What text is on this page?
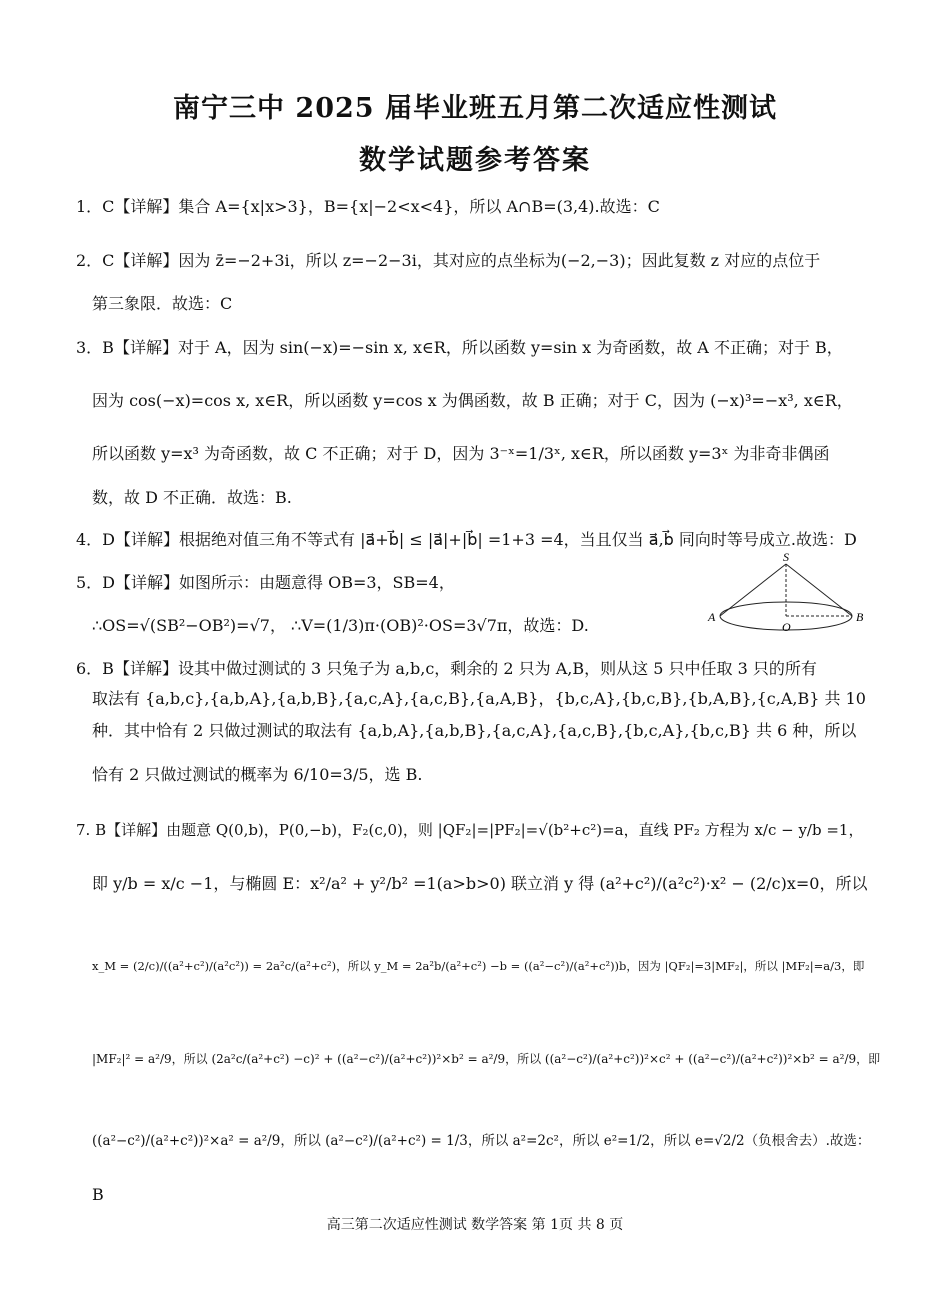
南宁三中 2025 届毕业班五月第二次适应性测试
数学试题参考答案
1．C【详解】集合 A={x|x>3}，B={x|−2<x<4}，所以 A∩B=(3,4).故选：C
2．C【详解】因为 z̄=−2+3i，所以 z=−2−3i，其对应的点坐标为(−2,−3)；因此复数 z 对应的点位于
第三象限．故选：C
3．B【详解】对于 A，因为 sin(−x)=−sin x, x∈R，所以函数 y=sin x 为奇函数，故 A 不正确；对于 B，
因为 cos(−x)=cos x, x∈R，所以函数 y=cos x 为偶函数，故 B 正确；对于 C，因为 (−x)³=−x³, x∈R，
所以函数 y=x³ 为奇函数，故 C 不正确；对于 D，因为 3⁻ˣ=1/3ˣ, x∈R，所以函数 y=3ˣ 为非奇非偶函
数，故 D 不正确．故选：B.
4．D【详解】根据绝对值三角不等式有 |a⃗+b⃗| ≤ |a⃗|+|b⃗| =1+3 =4，当且仅当 a⃗,b⃗ 同向时等号成立.故选：D
5．D【详解】如图所示：由题意得 OB=3，SB=4，
∴OS=√(SB²−OB²)=√7， ∴V=(1/3)π·(OB)²·OS=3√7π，故选：D.
S
A
O
B
6．B【详解】设其中做过测试的 3 只兔子为 a,b,c，剩余的 2 只为 A,B，则从这 5 只中任取 3 只的所有
取法有 {a,b,c},{a,b,A},{a,b,B},{a,c,A},{a,c,B},{a,A,B}，{b,c,A},{b,c,B},{b,A,B},{c,A,B} 共 10
种．其中恰有 2 只做过测试的取法有 {a,b,A},{a,b,B},{a,c,A},{a,c,B},{b,c,A},{b,c,B} 共 6 种，所以
恰有 2 只做过测试的概率为 6/10=3/5，选 B.
7. B【详解】由题意 Q(0,b)，P(0,−b)，F₂(c,0)，则 |QF₂|=|PF₂|=√(b²+c²)=a，直线 PF₂ 方程为 x/c − y/b =1，
即 y/b = x/c −1，与椭圆 E：x²/a² + y²/b² =1(a>b>0) 联立消 y 得 (a²+c²)/(a²c²)·x² − (2/c)x=0，所以
x_M = (2/c)/((a²+c²)/(a²c²)) = 2a²c/(a²+c²)，所以 y_M = 2a²b/(a²+c²) −b = ((a²−c²)/(a²+c²))b，因为 |QF₂|=3|MF₂|，所以 |MF₂|=a/3，即
|MF₂|² = a²/9，所以 (2a²c/(a²+c²) −c)² + ((a²−c²)/(a²+c²))²×b² = a²/9，所以 ((a²−c²)/(a²+c²))²×c² + ((a²−c²)/(a²+c²))²×b² = a²/9，即
((a²−c²)/(a²+c²))²×a² = a²/9，所以 (a²−c²)/(a²+c²) = 1/3，所以 a²=2c²，所以 e²=1/2，所以 e=√2/2（负根舍去）.故选：
B
高三第二次适应性测试 数学答案 第 1页 共 8 页
